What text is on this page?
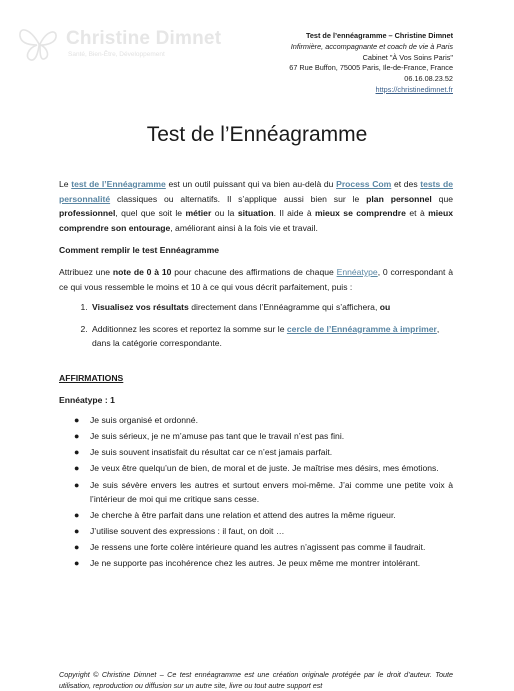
Christine Dimnet
Santé, Bien-Être, Développement
Test de l’ennéagramme – Christine Dimnet
Infirmière, accompagnante et coach de vie à Paris
Cabinet "À Vos Soins Paris"
67 Rue Buffon, 75005 Paris, Ile-de-France, France
06.16.08.23.52
https://christinedimnet.fr
Test de l’Ennéagramme

Le test de l’Ennéagramme est un outil puissant qui va bien au-delà du Process Com et des tests de personnalité classiques ou alternatifs. Il s’applique aussi bien sur le plan personnel que professionnel, quel que soit le métier ou la situation. Il aide à mieux se comprendre et à mieux comprendre son entourage, améliorant ainsi à la fois vie et travail.

Comment remplir le test Ennéagramme

Attribuez une note de 0 à 10 pour chacune des affirmations de chaque Ennéatype, 0 correspondant à ce qui vous ressemble le moins et 10 à ce qui vous décrit parfaitement, puis :

1. Visualisez vos résultats directement dans l’Ennéagramme qui s’affichera, ou
2. Additionnez les scores et reportez la somme sur le cercle de l’Ennéagramme à imprimer, dans la catégorie correspondante.
AFFIRMATIONS
Ennéatype : 1
● Je suis organisé et ordonné.
● Je suis sérieux, je ne m’amuse pas tant que le travail n’est pas fini.
● Je suis souvent insatisfait du résultat car ce n’est jamais parfait.
● Je veux être quelqu’un de bien, de moral et de juste. Je maîtrise mes désirs, mes émotions.
● Je suis sévère envers les autres et surtout envers moi-même. J’ai comme une petite voix à l’intérieur de moi qui me critique sans cesse.
● Je cherche à être parfait dans une relation et attend des autres la même rigueur.
● J’utilise souvent des expressions : il faut, on doit …
● Je ressens une forte colère intérieure quand les autres n’agissent pas comme il faudrait.
● Je ne supporte pas incohérence chez les autres. Je peux même me montrer intolérant.
Copyright © Christine Dimnet – Ce test ennéagramme est une création originale protégée par le droit d’auteur. Toute utilisation, reproduction ou diffusion sur un autre site, livre ou tout autre support est
